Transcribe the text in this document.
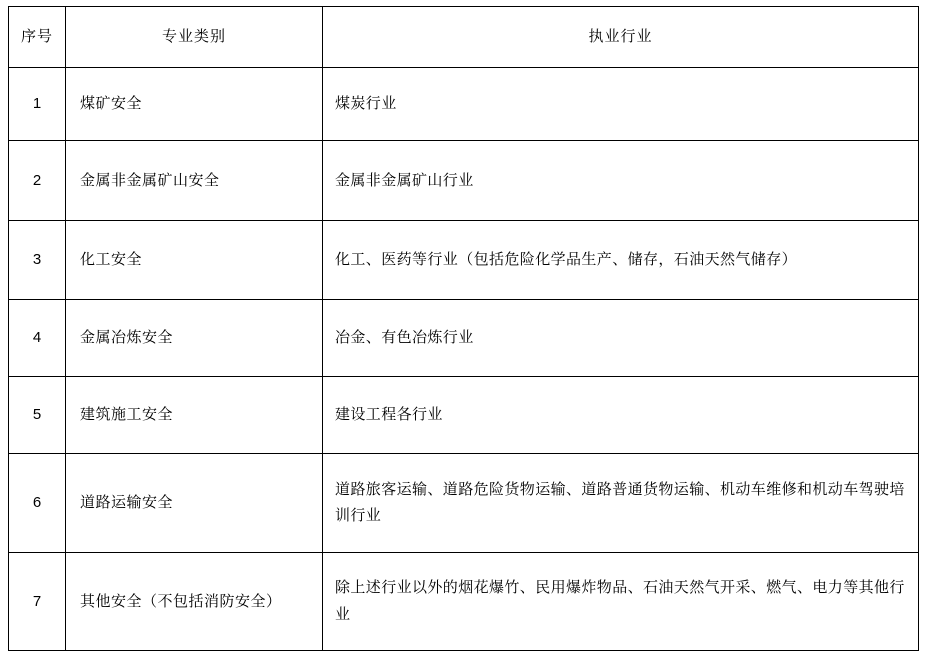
序号	专业类别	执业行业
1	煤矿安全	煤炭行业
2	金属非金属矿山安全	金属非金属矿山行业
3	化工安全	化工、医药等行业（包括危险化学品生产、储存，石油天然气储存）
4	金属冶炼安全	冶金、有色冶炼行业
5	建筑施工安全	建设工程各行业
6	道路运输安全	道路旅客运输、道路危险货物运输、道路普通货物运输、机动车维修和机动车驾驶培训行业
7	其他安全（不包括消防安全）	除上述行业以外的烟花爆竹、民用爆炸物品、石油天然气开采、燃气、电力等其他行业
